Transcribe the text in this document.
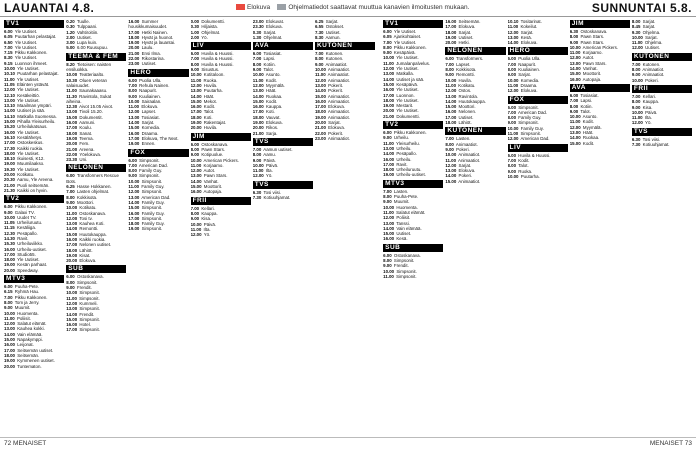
LAUANTAI 4.8.	Elokuva	Ohjelmatiedot saattavat muuttua kanavien ilmoitusten mukaan.	SUNNUNTAI 5.8.
TV1
6.00 Yle Uutiset.
6.05 Puutarhan pelastajat.
6.50 Yle Uutiset.
7.00 Yle Uutiset.
7.15 Pikku Kakkonen.
8.30 Yle Uutiset.
9.15 Luonnon ihmeet.
10.00 Yle Uutiset.
10.10 Puutarhan pelastajat.
11.00 Yle Uutiset.
11.05 Eläinten ystävät.
12.00 Yle Uutiset.
12.10 Kesäkeittiö.
13.00 Yle Uutiset.
13.10 Maailman ympäri.
14.00 Uutiset ja sää.
14.10 Matkalla Suomessa.
15.00 Pihalla Yleisurheilu.
15.20 Urheilukatsaus.
16.00 Yle Uutiset.
16.10 Kesälähetys.
17.00 Ostoskeskus.
17.30 Kaikki ruokia.
18.00 Yle Uutiset.
18.10 Ikuisesti, K12.
19.00 Muumilaakso.
19.30 Yle Uutiset.
20.00 Kotikatu.
20.30 Aamu, Yle Areena.
21.00 Puoli seitsemän.
21.30 Kaikki on hyvin.
TV2
6.00 Pikku Kakkonen.
9.00 Galaxi TV.
10.00 Uudet TV.
11.05 Urheiluruutu.
11.15 Kesäliiga.
12.30 Pesäpallo.
14.30 Ravit.
15.30 Urheiluviikko.
16.00 Urheilu-uutiset.
17.00 Studio55.
18.00 Yle Uutiset.
19.00 Kesän parhaat.
20.00 Speedway.
MTV3
6.00 Puuha-Pete.
6.15 Ryhmä Hau.
7.00 Pikku Kakkonen.
8.00 Tom ja Jerry.
9.00 Muumit.
10.00 Huomenta.
11.00 Poliisit.
12.00 Salatut elämät.
13.00 Kauhea kokki.
14.00 Vain elämää.
15.00 Napakymppi.
16.00 Leijonat.
17.00 Seitsemän uutiset.
18.00 Seitsemän.
19.00 Kymmenen uutiset.
20.00 Tuntematon.
0.20 Tuulle.
0.30 Tulppaani.
1.20 Vahtiroitiin.
2.00 Uutiset.
3.00 Lupa kuin.
5.00 6.00 Ruusupuu.
TEEMA & FEM
8.20 Tietoisen: naisten ensiluokka.
10.00 Teatteriaalto.
10.30 Oluen veteran salaisuudet.
11.00 Saunakaaasu.
11.30 Ravintola, Sukat aiheina.
12.30 Aivot 15.05 Aivot.
13.00 Tivoli 15.20.
15.00 Dokumentit.
16.00 Aamuni.
17.00 Koulu.
18.00 Sanat.
19.00 Teema.
20.00 Fem.
21.00 Areena.
22.00 Yöelokuva.
23.30 Uni.
NELONEN
6.00 Transformers Rescue Bots.
6.25 Hasse Hokkanen.
7.00 Lasten ohjelmat.
8.00 Kokkisota.
9.00 Moottori.
10.00 Kotikatu.
11.00 Ostoskanava.
12.00 Tosi tv.
13.00 Kauhea Koti.
14.00 Remontti.
15.00 Huutokauppa.
16.00 Kaikki ruokia.
17.00 Nelonen uutiset.
18.00 Lähiöt.
19.00 Kisat.
20.00 Elokuva.
SUB
6.00 Ostoskanava.
8.00 Simpsonit.
9.00 Frendit.
10.00 Simpsonit.
11.00 Simpsonit.
12.00 Kummeli.
13.00 Simpsonit.
14.00 Frendit.
15.00 Simpsonit.
16.00 Hotel.
17.00 Simpsonit.
16.00 Summer housikkumaisuudet.
17.00 Hetki Nainen.
18.00 Hyvät ja huonot.
19.00 Hyvät ja lauantai.
20.00 Laulu.
21.00 Ensi Ilma.
22.00 Rikostarina.
23.00 Uutiset.
HERO
6.00 Puolia Ulla.
7.00 Rehula Nainen.
8.00 Naapurit.
9.00 Kuuliainen.
10.00 Sairaalan.
11.00 Elokuva.
12.00 Lapset.
13.00 Tosiasiat.
14.00 Sarjat.
15.00 Komedia.
16.00 Draama.
17.00 Elokuva, The Next.
19.00 Ennen.
FOX
6.00 Simpsonit.
7.00 American Dad.
8.00 Family Guy.
9.00 Simpsonit.
10.00 Simpsonit.
11.00 Family Guy.
12.00 Simpsonit.
13.00 American Dad.
14.00 Family Guy.
15.00 Simpsonit.
16.00 Family Guy.
17.00 Simpsonit.
18.00 Family Guy.
19.00 Simpsonit.
0.00 Dokumentti.
0.30 Hiljaista.
1.00 Ohjelmat.
2.00 Yö.
LIV
6.00 Huvila & Huussi.
7.00 Huvila & Huussi.
8.00 Huvila & Huussi.
9.00 Sisustus.
10.00 Kotitaloon.
11.00 Ruoka.
12.00 Huvila.
13.00 Puutarha.
14.00 Häät.
15.00 Mekot.
16.00 Kodit.
17.00 Talot.
18.00 Koti.
19.00 Rakentajat.
20.00 Huvila.
JIM
6.00 Ostoskanava.
8.00 Pawn Stars.
9.00 Kotipuolue.
10.00 American Pickers.
11.00 Korjaamo.
12.00 Autot.
13.00 Pawn Stars.
14.00 Vanhat.
15.00 Moottorit.
16.00 Autopaja.
FRII
7.00 Kellari.
8.00 Kauppa.
9.00 Kisa.
10.00 Päivä.
11.00 Ilta.
12.00 Yö.
23.00 Elokuvat.
23.30 Elokuva.
0.30 Sarjat.
1.30 Ohjelmat.
AVA
6.00 Tosiasiat.
7.00 Lapsi.
8.00 Kotiin.
9.00 Talot.
10.00 Asunto.
11.00 Kodit.
12.00 Myymälä.
13.00 Häät.
14.00 Ruokaa.
15.00 Kodit.
16.00 Kauppa.
17.00 Koti.
18.00 Vauvat.
19.00 Elokuva.
20.00 Rikos.
21.00 Sarja.
TVS
7.00 Aamun uutiset.
8.00 Aamu.
9.00 Päivä.
10.00 Päivä.
11.00 Ilta.
12.00 Yö.
TVS
6.30 Tosi viisi.
7.30 Kotiuuhjamat.
6.25 Sarjat.
6.55 Ostokset.
7.30 Uutiset.
8.30 Aamun.
KUTONEN
7.00 Kutonen.
8.00 Kutonen.
9.00 Animaatiot.
10.00 Animaatiot.
11.00 Animaatiot.
12.00 Animaatiot.
13.00 Pokerit.
14.00 Pokerit.
15.00 Animaatiot.
16.00 Animaatiot.
17.00 Elokuva.
18.00 Animaatiot.
19.00 Animaatiot.
20.00 Sarjat.
21.00 Elokuva.
22.00 Pokerit.
23.00 Animaatiot.
TV1
6.00 Yle Uutiset.
6.05 Ajankohtaiset.
7.00 Yle Uutiset.
8.00 Pikku Kakkonen.
9.00 Kesäpäivä.
10.00 Yle Uutiset.
11.00 Jumalanpalvelus.
12.00 Yle Uutiset.
13.00 Matkalla.
14.00 Uutiset ja sää.
15.00 Kesäpäivä.
16.00 Yle Uutiset.
17.00 Luonnon.
18.00 Yle Uutiset.
19.00 Mestarit.
20.00 Yle Uutiset.
21.00 Dokumentti.
TV2
6.00 Pikku Kakkonen.
9.00 Urheilu.
11.00 Yleisurheilu.
13.00 Urheilu.
14.00 Pesäpallo.
16.00 Urheilu.
17.00 Ravit.
18.00 Urheiluruutu.
19.00 Urheilu-uutiset.
MTV3
7.00 Lasten.
8.00 Puuha-Pete.
9.00 Muumit.
10.00 Huomenta.
11.00 Salatut elämät.
12.00 Poliisit.
13.00 Tanssi.
14.00 Vain elämää.
15.00 Uutiset.
16.00 Kesä.
SUB
6.00 Ostoskanava.
8.00 Simpsonit.
9.00 Frendit.
10.00 Simpsonit.
11.00 Simpsonit.
16.00 Seitsemän.
17.00 Elokuva.
18.00 Sarjat.
19.00 Uutiset.
20.00 Hetki.
NELONEN
6.00 Transformers.
7.00 Lapset.
8.00 Kokkisota.
9.00 Remontti.
10.00 Huvila.
11.00 Kotikatu.
12.00 Ostos.
13.00 Ravintola.
14.00 Huutokauppa.
15.00 Moottori.
16.00 Nelonen.
17.00 Uutiset.
18.00 Lähiöt.
KUTONEN
7.00 Lasten.
8.00 Animaatiot.
9.00 Pokeri.
10.00 Animaatiot.
11.00 Animaatiot.
12.00 Sarjat.
13.00 Elokuva.
14.00 Pokeri.
15.00 Animaatiot.
10.10 Tositarinat.
11.00 Kokeilut.
12.00 Sarjat.
13.00 Kesä.
14.00 Elokuva.
HERO
6.00 Puolia Ulla.
7.00 Naapurit.
8.00 Kuuliainen.
9.00 Sarjat.
10.00 Komedia.
11.00 Draama.
12.00 Elokuva.
FOX
6.00 Simpsonit.
7.00 American Dad.
8.00 Family Guy.
9.00 Simpsonit.
10.00 Family Guy.
11.00 Simpsonit.
12.00 American Dad.
LIV
6.00 Huvila & Huussi.
7.00 Kodit.
8.00 Talot.
9.00 Ruoka.
10.00 Puutarha.
JIM
6.30 Ostoskanava.
8.00 Pawn Stars.
9.00 Pawn Stars.
10.00 American Pickers.
11.00 Korjaamo.
12.00 Autot.
13.00 Pawn Stars.
14.00 Vanhat.
15.00 Moottorit.
16.00 Autopaja.
AVA
6.00 Tosiasiat.
7.00 Lapsi.
8.00 Kotiin.
9.00 Talot.
10.00 Asunto.
11.00 Kodit.
12.00 Myymälä.
13.00 Häät.
14.00 Ruokaa.
15.00 Kodit.
8.00 Sarjat.
8.45 Sarjat.
9.30 Ohjelma.
10.00 Sarjat.
11.00 Ohjelma.
12.00 Uutiset.
KUTONEN
7.00 Kutonen.
8.00 Animaatiot.
9.00 Animaatiot.
10.00 Pokeri.
FRII
7.00 Kellari.
8.00 Kauppa.
9.00 Kisa.
10.00 Päivä.
11.00 Ilta.
12.00 Yö.
TVS
6.30 Tosi viisi.
7.30 Kotiuuhjamat.
72 MENAISET	MENAISET 73
